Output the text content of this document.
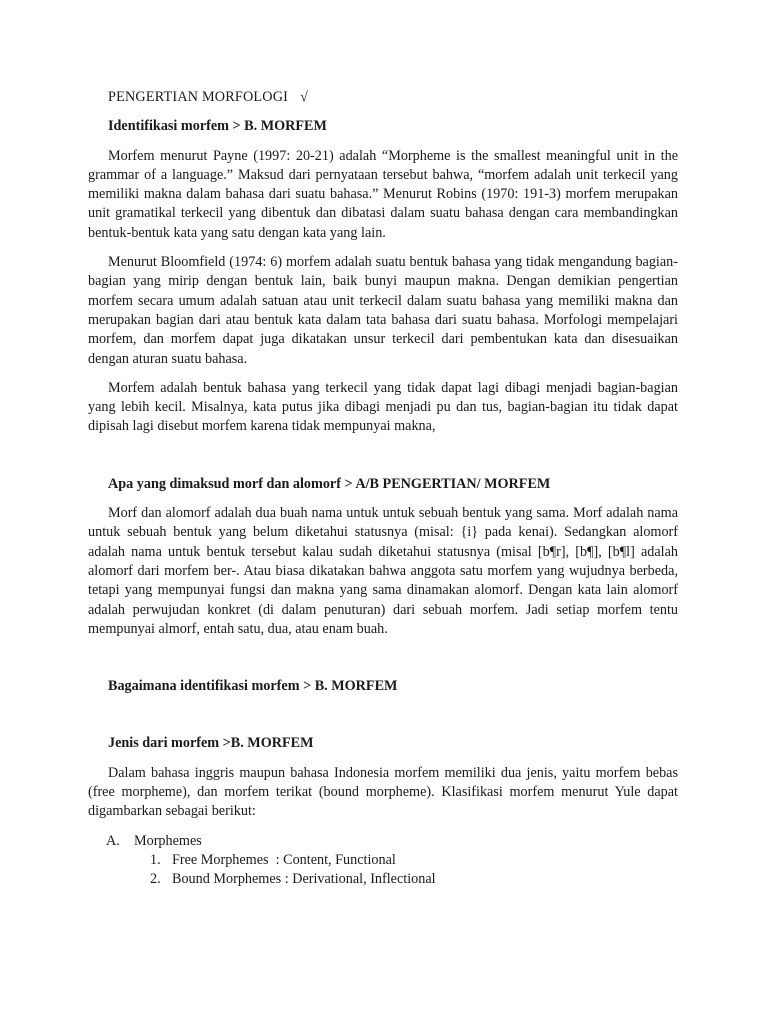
PENGERTIAN MORFOLOGI √
Identifikasi morfem > B. MORFEM

Morfem menurut Payne (1997: 20-21) adalah “Morpheme is the smallest meaningful unit in the grammar of a language.” Maksud dari pernyataan tersebut bahwa, “morfem adalah unit terkecil yang memiliki makna dalam bahasa dari suatu bahasa.” Menurut Robins (1970: 191-3) morfem merupakan unit gramatikal terkecil yang dibentuk dan dibatasi dalam suatu bahasa dengan cara membandingkan bentuk-bentuk kata yang satu dengan kata yang lain.

Menurut Bloomfield (1974: 6) morfem adalah suatu bentuk bahasa yang tidak mengandung bagian-bagian yang mirip dengan bentuk lain, baik bunyi maupun makna. Dengan demikian pengertian morfem secara umum adalah satuan atau unit terkecil dalam suatu bahasa yang memiliki makna dan merupakan bagian dari atau bentuk kata dalam tata bahasa dari suatu bahasa. Morfologi mempelajari morfem, dan morfem dapat juga dikatakan unsur terkecil dari pembentukan kata dan disesuaikan dengan aturan suatu bahasa.

Morfem adalah bentuk bahasa yang terkecil yang tidak dapat lagi dibagi menjadi bagian-bagian yang lebih kecil. Misalnya, kata putus jika dibagi menjadi pu dan tus, bagian-bagian itu tidak dapat dipisah lagi disebut morfem karena tidak mempunyai makna,

Apa yang dimaksud morf dan alomorf > A/B PENGERTIAN/ MORFEM

Morf dan alomorf adalah dua buah nama untuk untuk sebuah bentuk yang sama. Morf adalah nama untuk sebuah bentuk yang belum diketahui statusnya (misal: {i} pada kenai). Sedangkan alomorf adalah nama untuk bentuk tersebut kalau sudah diketahui statusnya (misal [b¶r], [b¶], [b¶l] adalah alomorf dari morfem ber-. Atau biasa dikatakan bahwa anggota satu morfem yang wujudnya berbeda, tetapi yang mempunyai fungsi dan makna yang sama dinamakan alomorf. Dengan kata lain alomorf adalah perwujudan konkret (di dalam penuturan) dari sebuah morfem. Jadi setiap morfem tentu mempunyai almorf, entah satu, dua, atau enam buah.

Bagaimana identifikasi morfem > B. MORFEM
Jenis dari morfem >B. MORFEM

Dalam bahasa inggris maupun bahasa Indonesia morfem memiliki dua jenis, yaitu morfem bebas (free morpheme), dan morfem terikat (bound morpheme). Klasifikasi morfem menurut Yule dapat digambarkan sebagai berikut:

A. Morphemes
1. Free Morphemes  : Content, Functional
2. Bound Morphemes : Derivational, Inflectional
